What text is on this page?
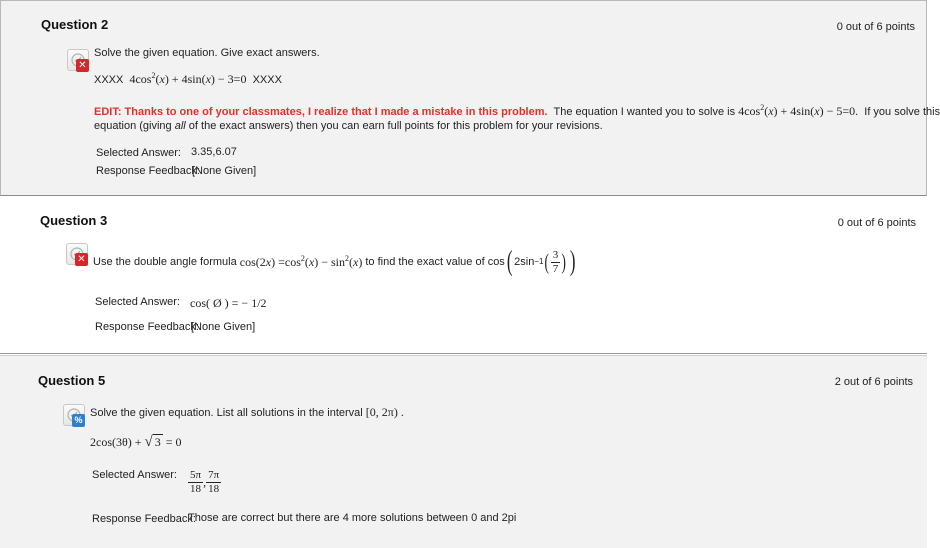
Question 2	0 out of 6 points
✕
Solve the given equation. Give exact answers.
XXXX $4\cos^2(x) + 4\sin(x) - 3=0$ XXXX
EDIT: Thanks to one of your classmates, I realize that I made a mistake in this problem. The equation I wanted you to solve is $4\cos^2(x) + 4\sin(x) - 5=0$. If you solve this
equation (giving all of the exact answers) then you can earn full points for this problem for your revisions.
Selected Answer: 3.35,6.07
Response Feedback:
[None Given]
Question 3	0 out of 6 points
✕ Use the double angle formula
$\cos(2x) =\cos^2(x) - \sin^2(x)$
to find the exact value of
cos ( 2sin −1 ( $\frac{3}{7}$ ) )
Selected Answer: cos( Ø ) = − 1/2
Response Feedback:
[None Given]
Question 5	2 out of 6 points
%
Solve the given equation. List all solutions in the interval [0, 2π) .
2cos(3θ) + √ 3 = 0
Selected Answer: $\frac{5\pi}{18}$ , $\frac{7\pi}{18}$
Response Feedback:
Those are correct but there are 4 more solutions between 0 and 2pi
